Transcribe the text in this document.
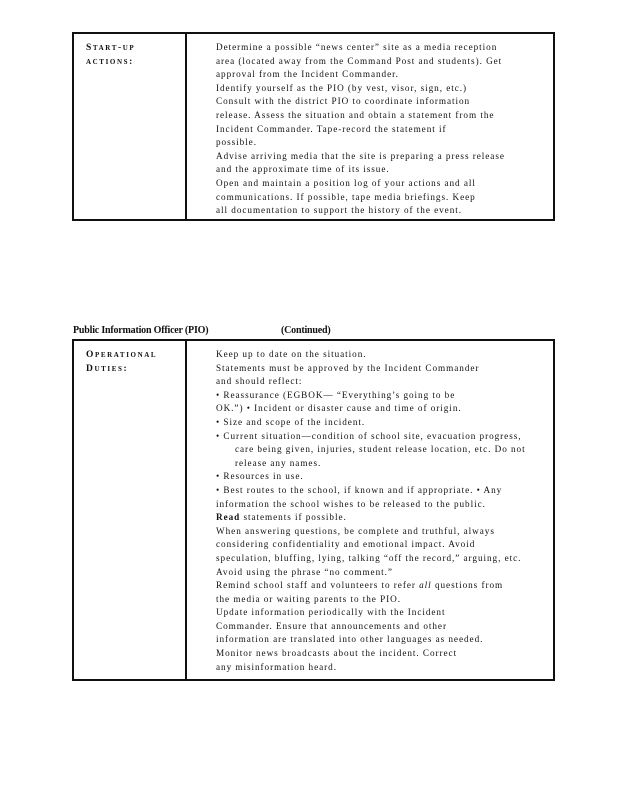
Start-up
actions:
Determine a possible “news center” site as a media reception
area (located away from the Command Post and students). Get
approval from the Incident Commander.
Identify yourself as the PIO (by vest, visor, sign, etc.)
Consult with the district PIO to coordinate information
release. Assess the situation and obtain a statement from the
Incident Commander. Tape-record the statement if
possible.
Advise arriving media that the site is preparing a press release
and the approximate time of its issue.
Open and maintain a position log of your actions and all
communications. If possible, tape media briefings. Keep
all documentation to support the history of the event.
Public Information Officer (PIO)	(Continued)
Operational
Duties:
Keep up to date on the situation.
Statements must be approved by the Incident Commander
and should reflect:
• Reassurance (EGBOK— “Everything’s going to be
OK.”) • Incident or disaster cause and time of origin.
• Size and scope of the incident.
• Current situation—condition of school site, evacuation progress,
care being given, injuries, student release location, etc. Do not
release any names.
• Resources in use.
• Best routes to the school, if known and if appropriate. • Any
information the school wishes to be released to the public.
Read statements if possible.
When answering questions, be complete and truthful, always
considering confidentiality and emotional impact. Avoid
speculation, bluffing, lying, talking “off the record,” arguing, etc.
Avoid using the phrase “no comment.”
Remind school staff and volunteers to refer all questions from
the media or waiting parents to the PIO.
Update information periodically with the Incident
Commander. Ensure that announcements and other
information are translated into other languages as needed.
Monitor news broadcasts about the incident. Correct
any misinformation heard.
